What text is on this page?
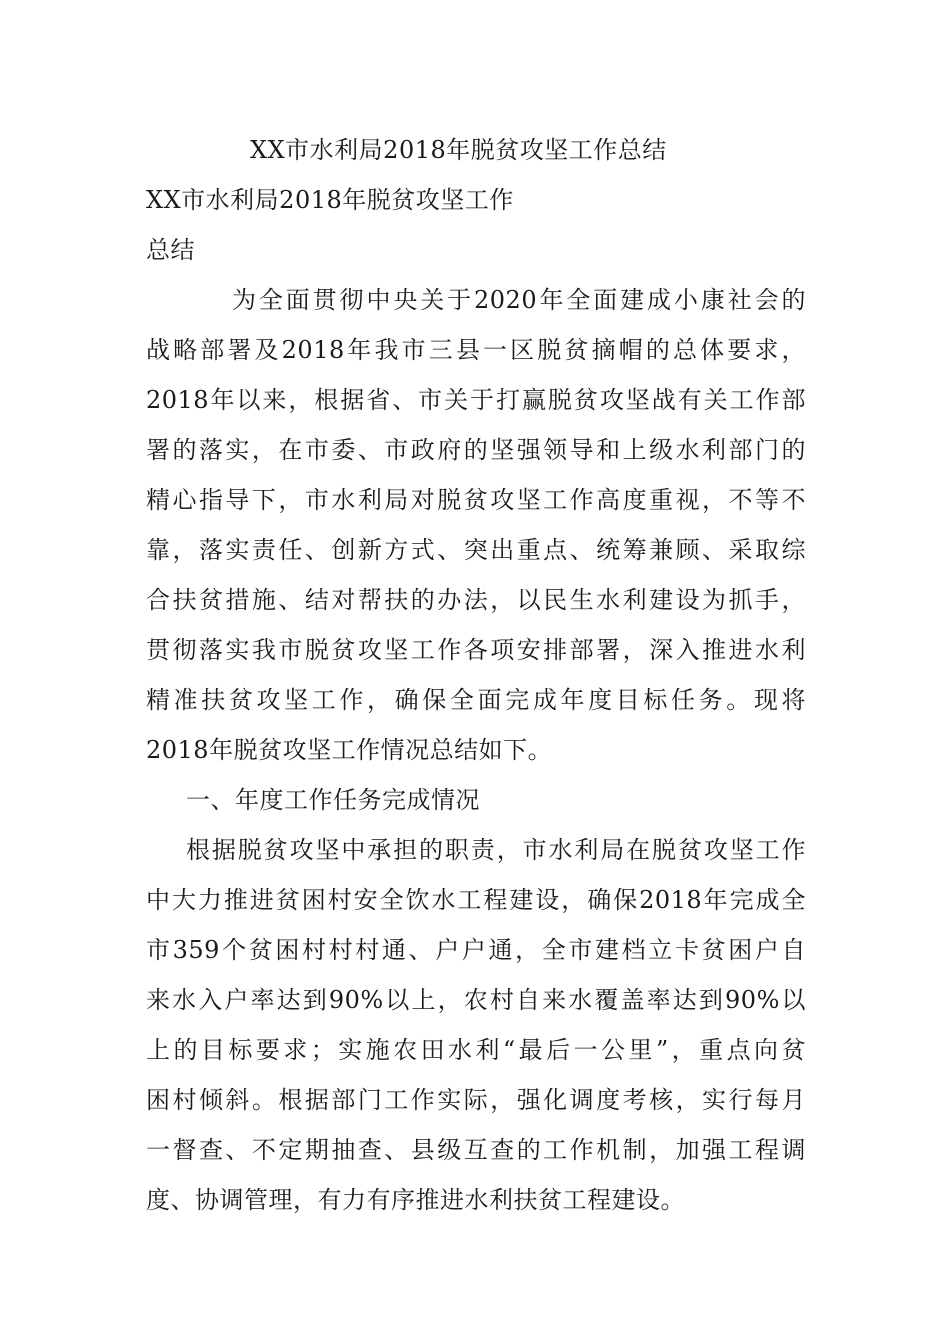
XX市水利局2018年脱贫攻坚工作总结
XX市水利局2018年脱贫攻坚工作
总结
为全面贯彻中央关于2020年全面建成小康社会的
战略部署及2018年我市三县一区脱贫摘帽的总体要求，
2018年以来，根据省、市关于打赢脱贫攻坚战有关工作部
署的落实，在市委、市政府的坚强领导和上级水利部门的
精心指导下，市水利局对脱贫攻坚工作高度重视，不等不
靠，落实责任、创新方式、突出重点、统筹兼顾、采取综
合扶贫措施、结对帮扶的办法，以民生水利建设为抓手，
贯彻落实我市脱贫攻坚工作各项安排部署，深入推进水利
精准扶贫攻坚工作，确保全面完成年度目标任务。现将
2018年脱贫攻坚工作情况总结如下。
一、年度工作任务完成情况
根据脱贫攻坚中承担的职责，市水利局在脱贫攻坚工作
中大力推进贫困村安全饮水工程建设，确保2018年完成全
市359个贫困村村村通、户户通，全市建档立卡贫困户自
来水入户率达到90%以上，农村自来水覆盖率达到90%以
上的目标要求；实施农田水利“最后一公里”，重点向贫
困村倾斜。根据部门工作实际，强化调度考核，实行每月
一督查、不定期抽查、县级互查的工作机制，加强工程调
度、协调管理，有力有序推进水利扶贫工程建设。
